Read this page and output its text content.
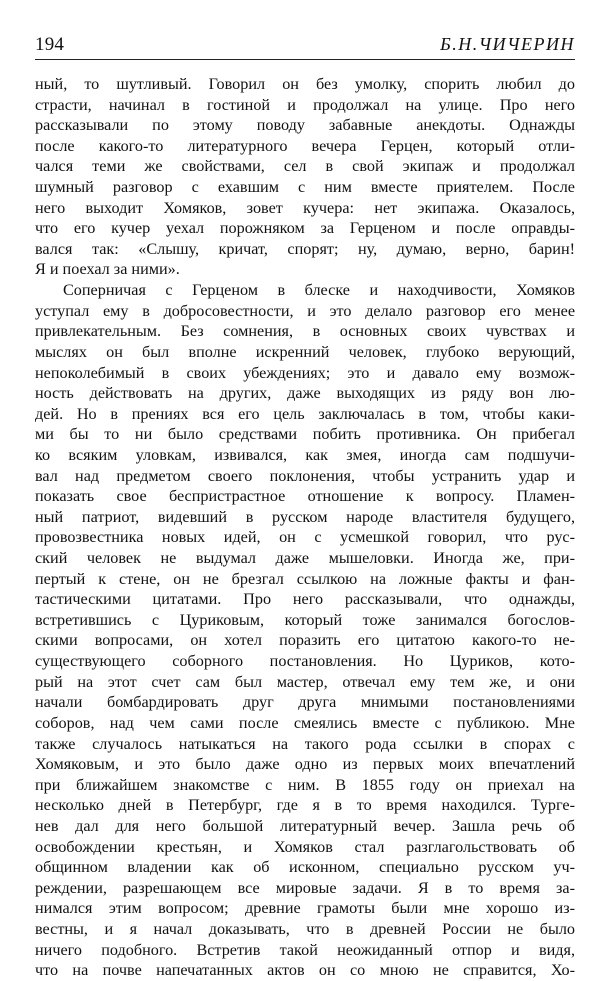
194	Б.Н.ЧИЧЕРИН
ный, то шутливый. Говорил он без умолку, спорить любил до
страсти, начинал в гостиной и продолжал на улице. Про него
рассказывали по этому поводу забавные анекдоты. Однажды
после какого-то литературного вечера Герцен, который отли-
чался теми же свойствами, сел в свой экипаж и продолжал
шумный разговор с ехавшим с ним вместе приятелем. После
него выходит Хомяков, зовет кучера: нет экипажа. Оказалось,
что его кучер уехал порожняком за Герценом и после оправды-
вался так: «Слышу, кричат, спорят; ну, думаю, верно, барин!
Я и поехал за ними».
Соперничая с Герценом в блеске и находчивости, Хомяков
уступал ему в добросовестности, и это делало разговор его менее
привлекательным. Без сомнения, в основных своих чувствах и
мыслях он был вполне искренний человек, глубоко верующий,
непоколебимый в своих убеждениях; это и давало ему возмож-
ность действовать на других, даже выходящих из ряду вон лю-
дей. Но в прениях вся его цель заключалась в том, чтобы каки-
ми бы то ни было средствами побить противника. Он прибегал
ко всяким уловкам, извивался, как змея, иногда сам подшучи-
вал над предметом своего поклонения, чтобы устранить удар и
показать свое беспристрастное отношение к вопросу. Пламен-
ный патриот, видевший в русском народе властителя будущего,
провозвестника новых идей, он с усмешкой говорил, что рус-
ский человек не выдумал даже мышеловки. Иногда же, при-
пертый к стене, он не брезгал ссылкою на ложные факты и фан-
тастическими цитатами. Про него рассказывали, что однажды,
встретившись с Цуриковым, который тоже занимался богослов-
скими вопросами, он хотел поразить его цитатою какого-то не-
существующего соборного постановления. Но Цуриков, кото-
рый на этот счет сам был мастер, отвечал ему тем же, и они
начали бомбардировать друг друга мнимыми постановлениями
соборов, над чем сами после смеялись вместе с публикою. Мне
также случалось натыкаться на такого рода ссылки в спорах с
Хомяковым, и это было даже одно из первых моих впечатлений
при ближайшем знакомстве с ним. В 1855 году он приехал на
несколько дней в Петербург, где я в то время находился. Турге-
нев дал для него большой литературный вечер. Зашла речь об
освобождении крестьян, и Хомяков стал разглагольствовать об
общинном владении как об исконном, специально русском уч-
реждении, разрешающем все мировые задачи. Я в то время за-
нимался этим вопросом; древние грамоты были мне хорошо из-
вестны, и я начал доказывать, что в древней России не было
ничего подобного. Встретив такой неожиданный отпор и видя,
что на почве напечатанных актов он со мною не справится, Хо-
